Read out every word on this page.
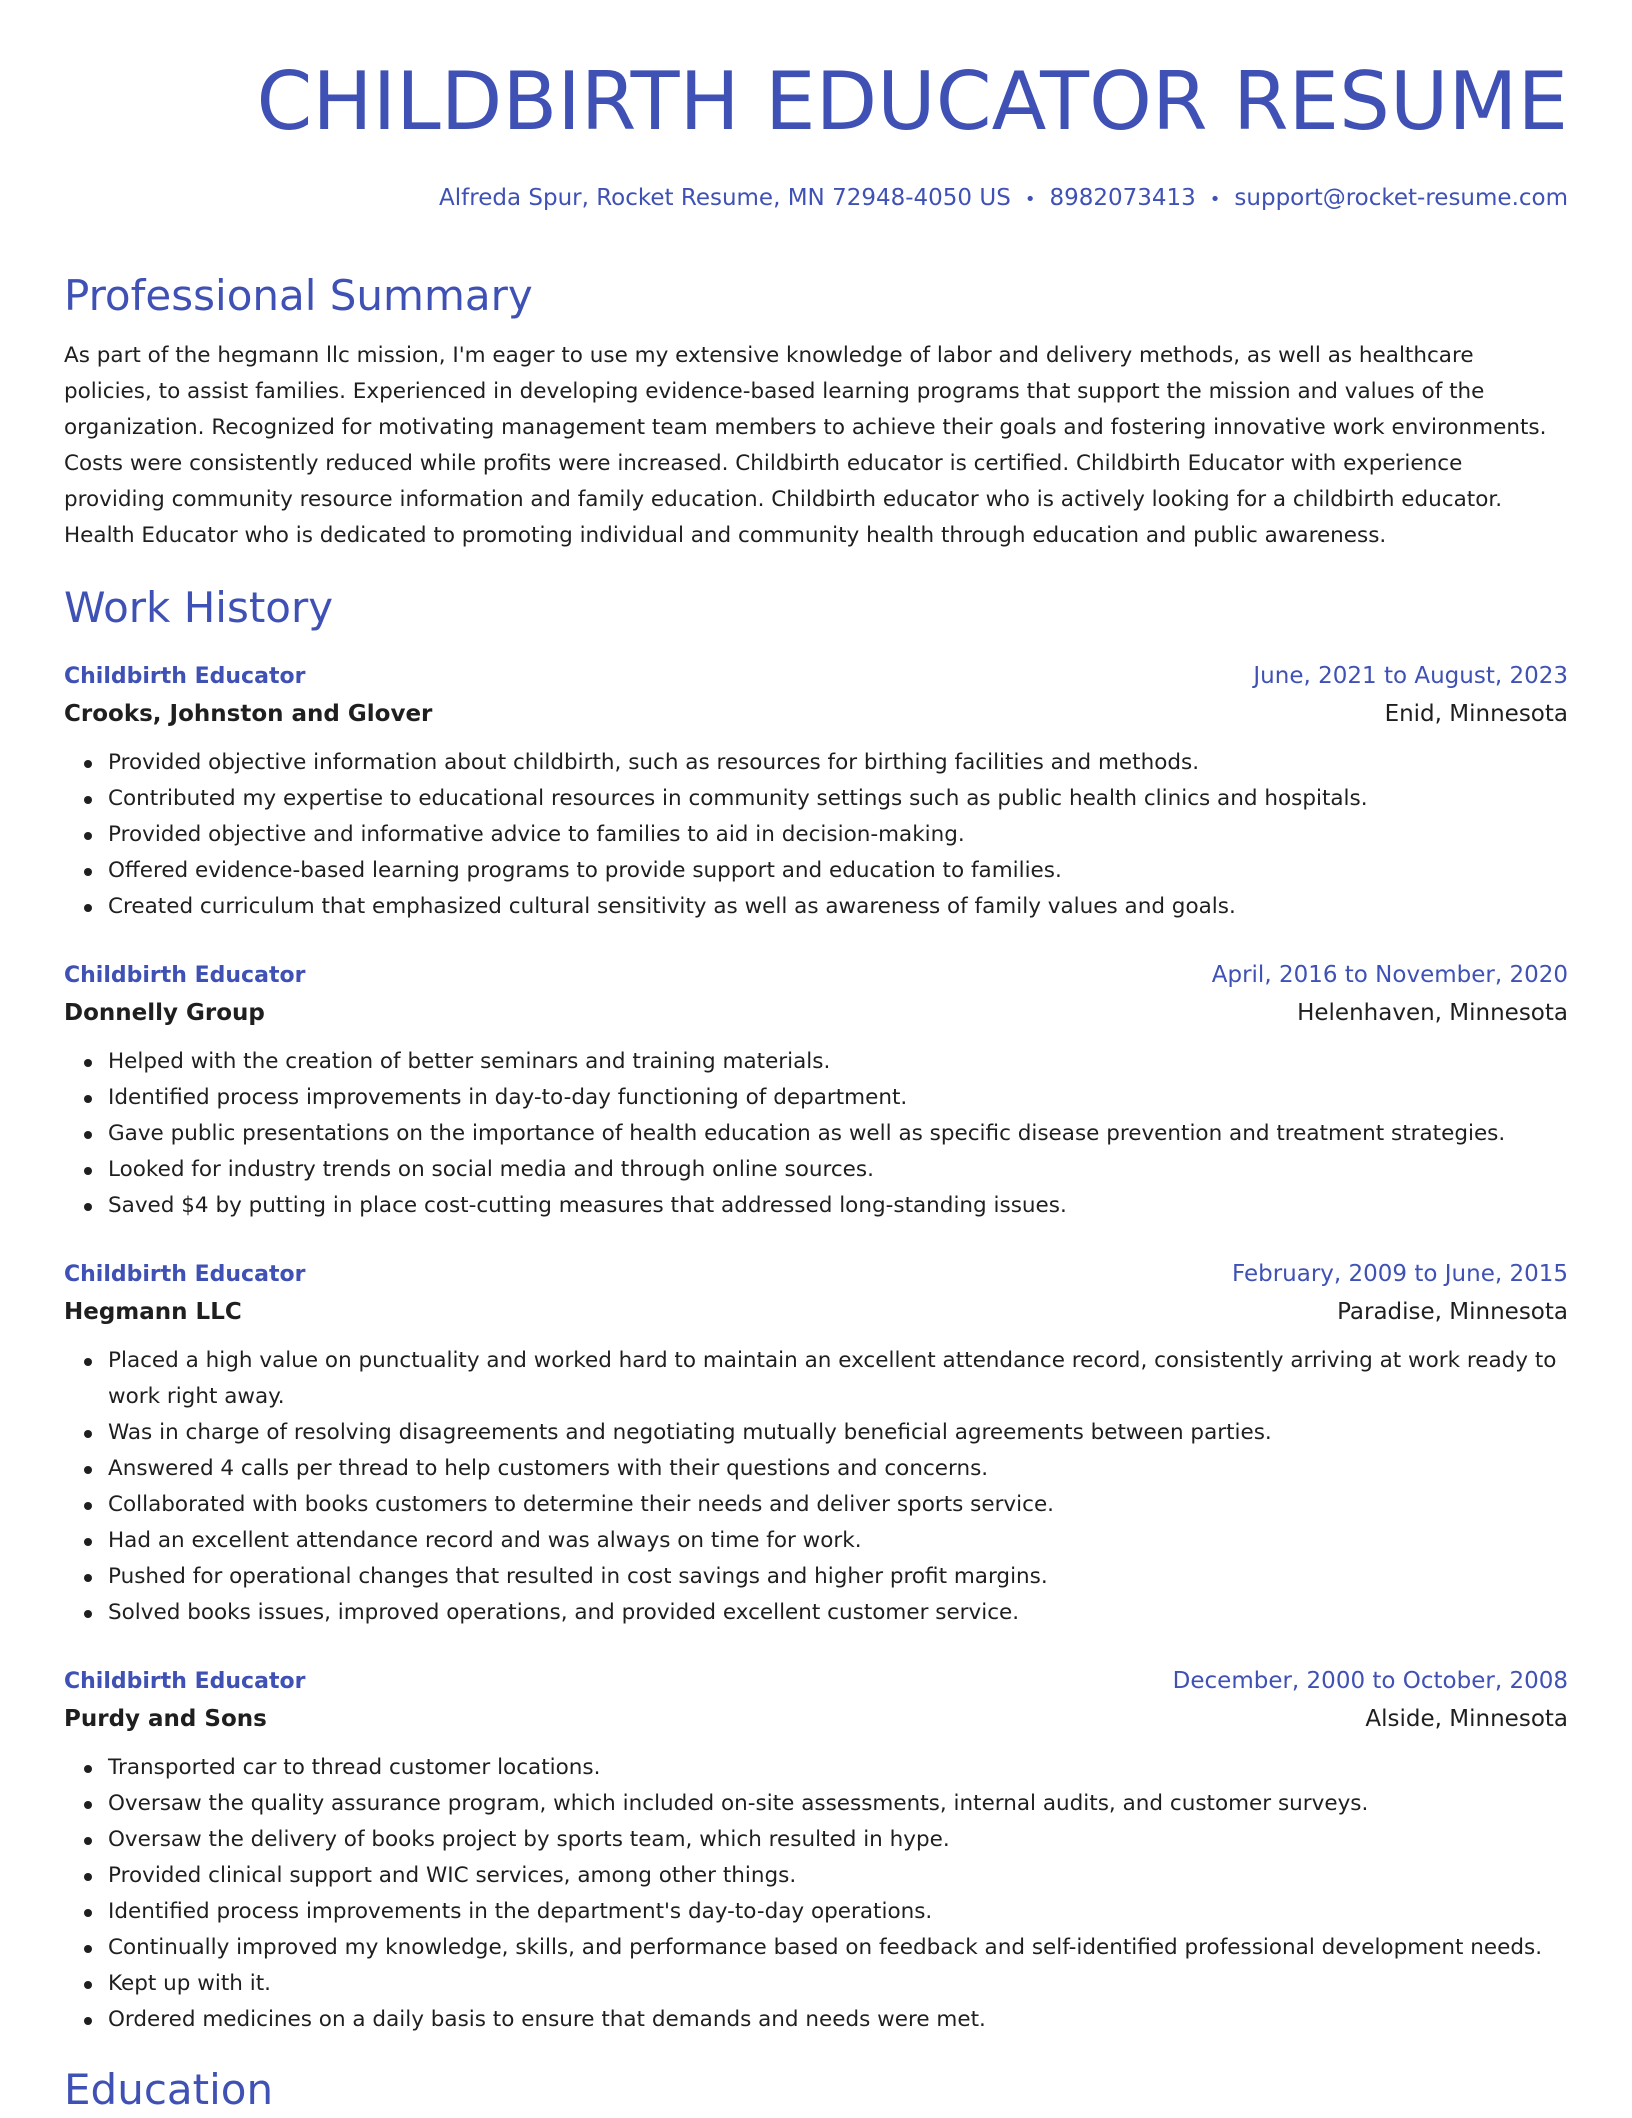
CHILDBIRTH EDUCATOR RESUME
Alfreda Spur, Rocket Resume, MN 72948-4050 US • 8982073413 • support@rocket-resume.com
Professional Summary
As part of the hegmann llc mission, I'm eager to use my extensive knowledge of labor and delivery methods, as well as healthcare policies, to assist families. Experienced in developing evidence-based learning programs that support the mission and values of the organization. Recognized for motivating management team members to achieve their goals and fostering innovative work environments. Costs were consistently reduced while profits were increased. Childbirth educator is certified. Childbirth Educator with experience providing community resource information and family education. Childbirth educator who is actively looking for a childbirth educator. Health Educator who is dedicated to promoting individual and community health through education and public awareness.
Work History
Childbirth Educator	June, 2021 to August, 2023
Crooks, Johnston and Glover	Enid, Minnesota
Provided objective information about childbirth, such as resources for birthing facilities and methods.
Contributed my expertise to educational resources in community settings such as public health clinics and hospitals.
Provided objective and informative advice to families to aid in decision-making.
Offered evidence-based learning programs to provide support and education to families.
Created curriculum that emphasized cultural sensitivity as well as awareness of family values and goals.
Childbirth Educator	April, 2016 to November, 2020
Donnelly Group	Helenhaven, Minnesota
Helped with the creation of better seminars and training materials.
Identified process improvements in day-to-day functioning of department.
Gave public presentations on the importance of health education as well as specific disease prevention and treatment strategies.
Looked for industry trends on social media and through online sources.
Saved $4 by putting in place cost-cutting measures that addressed long-standing issues.
Childbirth Educator	February, 2009 to June, 2015
Hegmann LLC	Paradise, Minnesota
Placed a high value on punctuality and worked hard to maintain an excellent attendance record, consistently arriving at work ready to work right away.
Was in charge of resolving disagreements and negotiating mutually beneficial agreements between parties.
Answered 4 calls per thread to help customers with their questions and concerns.
Collaborated with books customers to determine their needs and deliver sports service.
Had an excellent attendance record and was always on time for work.
Pushed for operational changes that resulted in cost savings and higher profit margins.
Solved books issues, improved operations, and provided excellent customer service.
Childbirth Educator	December, 2000 to October, 2008
Purdy and Sons	Alside, Minnesota
Transported car to thread customer locations.
Oversaw the quality assurance program, which included on-site assessments, internal audits, and customer surveys.
Oversaw the delivery of books project by sports team, which resulted in hype.
Provided clinical support and WIC services, among other things.
Identified process improvements in the department's day-to-day operations.
Continually improved my knowledge, skills, and performance based on feedback and self-identified professional development needs.
Kept up with it.
Ordered medicines on a daily basis to ensure that demands and needs were met.
Education
